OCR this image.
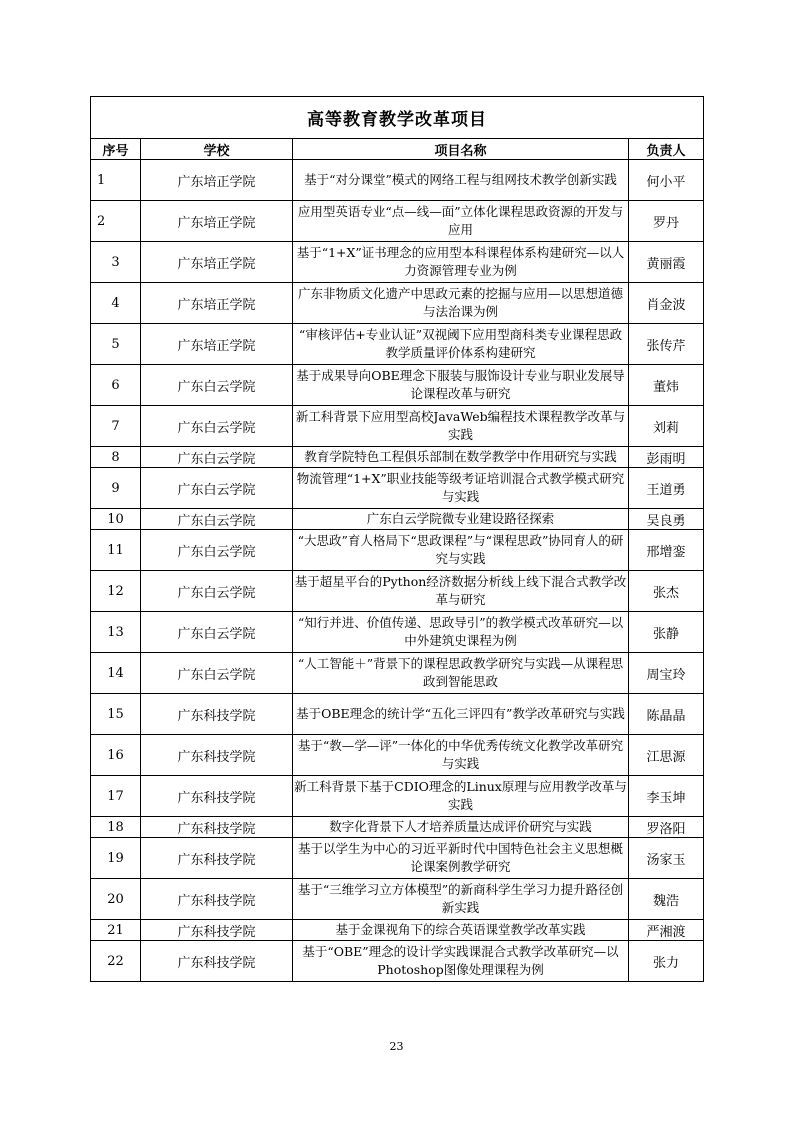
高等教育教学改革项目			
序号	学校	项目名称	负责人
1	广东培正学院	基于“对分课堂”模式的网络工程与组网技术教学创新实践	何小平
2	广东培正学院	应用型英语专业“点—线—面”立体化课程思政资源的开发与应用	罗丹
3	广东培正学院	基于“1+X”证书理念的应用型本科课程体系构建研究—以人力资源管理专业为例	黄丽霞
4	广东培正学院	广东非物质文化遗产中思政元素的挖掘与应用—以思想道德与法治课为例	肖金波
5	广东培正学院	“审核评估+专业认证”双视阈下应用型商科类专业课程思政教学质量评价体系构建研究	张传芹
6	广东白云学院	基于成果导向OBE理念下服装与服饰设计专业与职业发展导论课程改革与研究	董炜
7	广东白云学院	新工科背景下应用型高校JavaWeb编程技术课程教学改革与实践	刘莉
8	广东白云学院	教育学院特色工程俱乐部制在数学教学中作用研究与实践	彭雨明
9	广东白云学院	物流管理“1+X”职业技能等级考证培训混合式教学模式研究与实践	王道勇
10	广东白云学院	广东白云学院微专业建设路径探索	吴良勇
11	广东白云学院	“大思政”育人格局下“思政课程”与“课程思政”协同育人的研究与实践	邢增銮
12	广东白云学院	基于超星平台的Python经济数据分析线上线下混合式教学改革与研究	张杰
13	广东白云学院	“知行并进、价值传递、思政导引”的教学模式改革研究—以中外建筑史课程为例	张静
14	广东白云学院	“人工智能＋”背景下的课程思政教学研究与实践—从课程思政到智能思政	周宝玲
15	广东科技学院	基于OBE理念的统计学“五化三评四有”教学改革研究与实践	陈晶晶
16	广东科技学院	基于“教—学—评”一体化的中华优秀传统文化教学改革研究与实践	江思源
17	广东科技学院	新工科背景下基于CDIO理念的Linux原理与应用教学改革与实践	李玉坤
18	广东科技学院	数字化背景下人才培养质量达成评价研究与实践	罗洛阳
19	广东科技学院	基于以学生为中心的习近平新时代中国特色社会主义思想概论课案例教学研究	汤家玉
20	广东科技学院	基于“三维学习立方体模型”的新商科学生学习力提升路径创新实践	魏浩
21	广东科技学院	基于金课视角下的综合英语课堂教学改革实践	严湘渡
22	广东科技学院	基于“OBE”理念的设计学实践课混合式教学改革研究—以Photoshop图像处理课程为例	张力
23
